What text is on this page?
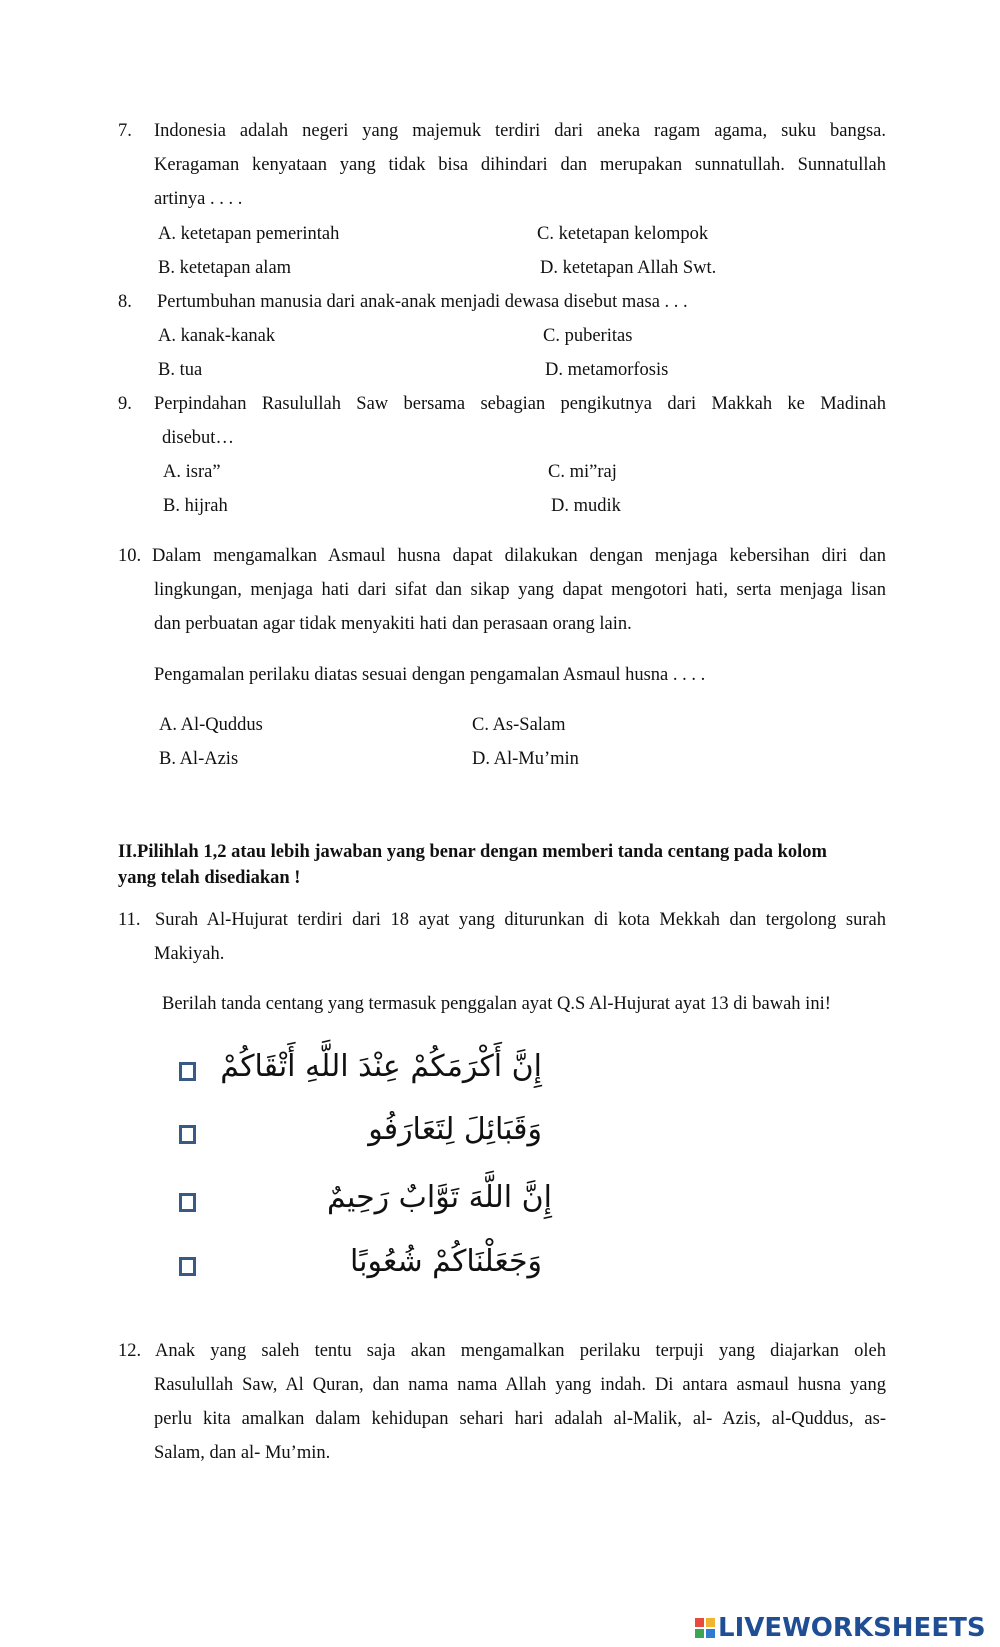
7. Indonesia adalah negeri yang majemuk terdiri dari aneka ragam agama, suku bangsa.
Keragaman kenyataan yang tidak bisa dihindari dan merupakan sunnatullah. Sunnatullah
artinya . . . .
A. ketetapan pemerintah	C. ketetapan kelompok
B. ketetapan alam	D. ketetapan Allah Swt.
8. Pertumbuhan manusia dari anak-anak menjadi dewasa disebut masa . . .
A. kanak-kanak	C. puberitas
B. tua	D. metamorfosis
9. Perpindahan Rasulullah Saw bersama sebagian pengikutnya dari Makkah ke Madinah
disebut…
A. isra”	C. mi”raj
B. hijrah	D. mudik
10. Dalam mengamalkan Asmaul husna dapat dilakukan dengan menjaga kebersihan diri dan
lingkungan, menjaga hati dari sifat dan sikap yang dapat mengotori hati, serta menjaga lisan
dan perbuatan agar tidak menyakiti hati dan perasaan orang lain.
Pengamalan perilaku diatas sesuai dengan pengamalan Asmaul husna . . . .
A. Al-Quddus	C. As-Salam
B. Al-Azis	D. Al-Mu’min
II.Pilihlah 1,2 atau lebih jawaban yang benar dengan memberi tanda centang pada kolom
yang telah disediakan !
11. Surah Al-Hujurat terdiri dari 18 ayat yang diturunkan di kota Mekkah dan tergolong surah
Makiyah.
Berilah tanda centang yang termasuk penggalan ayat Q.S Al-Hujurat ayat 13 di bawah ini!
إِنَّ أَكْرَمَكُمْ عِنْدَ اللَّهِ أَتْقَاكُمْ
وَقَبَائِلَ لِتَعَارَفُو
إِنَّ اللَّهَ تَوَّابٌ رَحِيمٌ
وَجَعَلْنَاكُمْ شُعُوبًا
12. Anak yang saleh tentu saja akan mengamalkan perilaku terpuji yang diajarkan oleh
Rasulullah Saw, Al Quran, dan nama nama Allah yang indah. Di antara asmaul husna yang
perlu kita amalkan dalam kehidupan sehari hari adalah al-Malik, al- Azis, al-Quddus, as-
Salam, dan al- Mu’min.
LIVEWORKSHEETS
